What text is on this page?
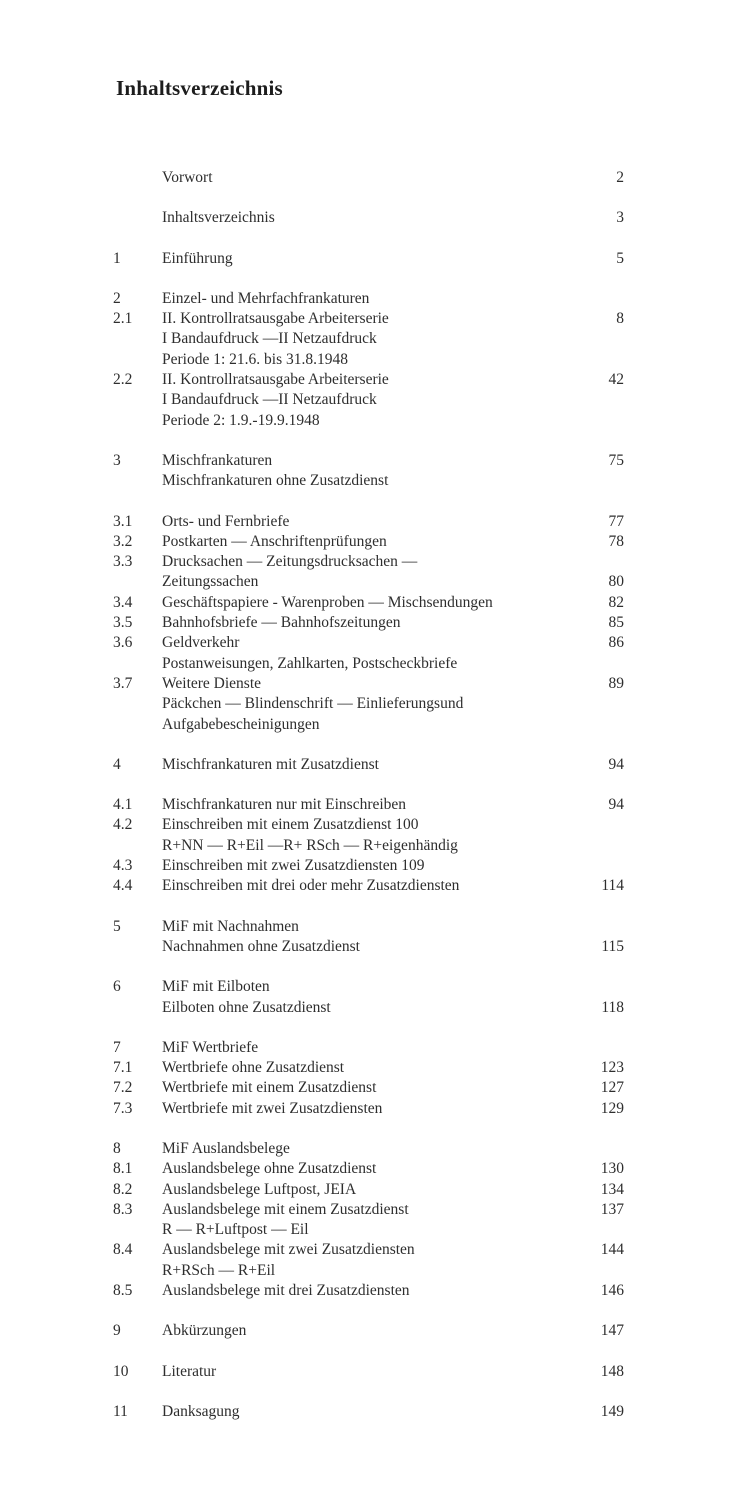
Inhaltsverzeichnis
Vorwort	2
Inhaltsverzeichnis	3
1	Einführung	5
2	Einzel- und Mehrfachfrankaturen
2.1	II. Kontrollratsausgabe Arbeiterserie	8
I Bandaufdruck —II Netzaufdruck
Periode 1: 21.6. bis 31.8.1948
2.2	II. Kontrollratsausgabe Arbeiterserie	42
I Bandaufdruck —II Netzaufdruck
Periode 2: 1.9.-19.9.1948
3	Mischfrankaturen	75
Mischfrankaturen ohne Zusatzdienst
3.1	Orts- und Fernbriefe	77
3.2	Postkarten — Anschriftenprüfungen	78
3.3	Drucksachen — Zeitungsdrucksachen —
Zeitungssachen	80
3.4	Geschäftspapiere - Warenproben — Mischsendungen	82
3.5	Bahnhofsbriefe — Bahnhofszeitungen	85
3.6	Geldverkehr	86
Postanweisungen, Zahlkarten, Postscheckbriefe
3.7	Weitere Dienste	89
Päckchen — Blindenschrift — Einlieferungsund
Aufgabebescheinigungen
4	Mischfrankaturen mit Zusatzdienst	94
4.1	Mischfrankaturen nur mit Einschreiben	94
4.2	Einschreiben mit einem Zusatzdienst 100
R+NN — R+Eil —R+ RSch — R+eigenhändig
4.3	Einschreiben mit zwei Zusatzdiensten 109
4.4	Einschreiben mit drei oder mehr Zusatzdiensten	114
5	MiF mit Nachnahmen
Nachnahmen ohne Zusatzdienst	115
6	MiF mit Eilboten
Eilboten ohne Zusatzdienst	118
7	MiF Wertbriefe
7.1	Wertbriefe ohne Zusatzdienst	123
7.2	Wertbriefe mit einem Zusatzdienst	127
7.3	Wertbriefe mit zwei Zusatzdiensten	129
8	MiF Auslandsbelege
8.1	Auslandsbelege ohne Zusatzdienst	130
8.2	Auslandsbelege Luftpost, JEIA	134
8.3	Auslandsbelege mit einem Zusatzdienst	137
R — R+Luftpost — Eil
8.4	Auslandsbelege mit zwei Zusatzdiensten	144
R+RSch — R+Eil
8.5	Auslandsbelege mit drei Zusatzdiensten	146
9	Abkürzungen	147
10	Literatur	148
11	Danksagung	149
